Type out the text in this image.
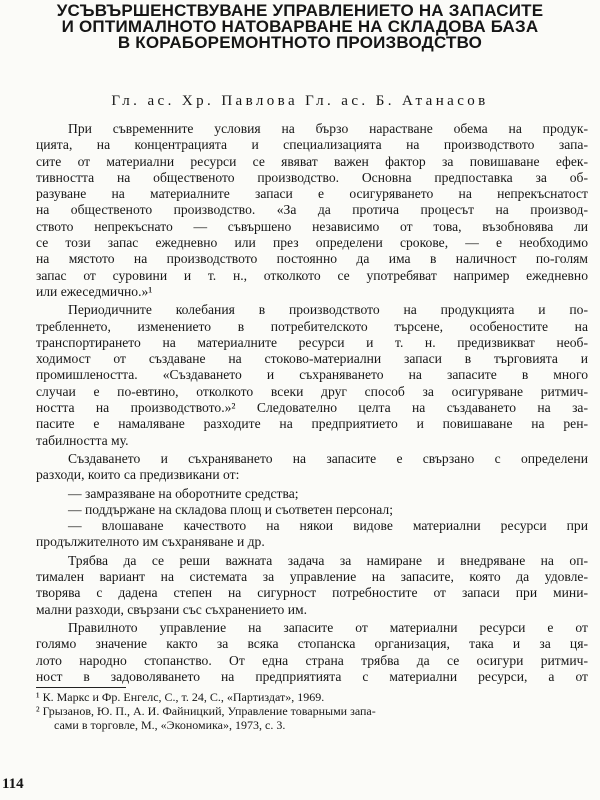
УСЪВЪРШЕНСТВУВАНЕ УПРАВЛЕНИЕТО НА ЗАПАСИТЕ
И ОПТИМАЛНОТО НАТОВАРВАНЕ НА СКЛАДОВА БАЗА
В КОРАБОРЕМОНТНОТО ПРОИЗВОДСТВО
Гл. ас. Хр. Павлова Гл. ас. Б. Атанасов
При съвременните условия на бързо нарастване обема на продук-
цията, на концентрацията и специализацията на производството запа-
сите от материални ресурси се явяват важен фактор за повишаване ефек-
тивността на общественото производство. Основна предпоставка за об-
разуване на материалните запаси е осигуряването на непрекъснатост
на общественото производство. «За да протича процесът на производ-
ството непрекъснато — съвършено независимо от това, възобновява ли
се този запас ежедневно или през определени срокове, — е необходимо
на мястото на производството постоянно да има в наличност по-голям
запас от суровини и т. н., отколкото се употребяват например ежедневно
или ежеседмично.»¹
Периодичните колебания в производството на продукцията и по-
требленнето, изменението в потребителското търсене, особеностите на
транспортирането на материалните ресурси и т. н. предизвикват необ-
ходимост от създаване на стоково-материални запаси в търговията и
промишлеността. «Създаването и съхраняването на запасите в много
случаи е по-евтино, отколкото всеки друг способ за осигуряване ритмич-
ността на производството.»² Следователно целта на създаването на за-
пасите е намаляване разходите на предприятието и повишаване на рен-
табилността му.
Създаването и съхраняването на запасите е свързано с определени
разходи, които са предизвикани от:
— замразяване на оборотните средства;
— поддържане на складова площ и съответен персонал;
— влошаване качеството на някои видове материални ресурси при
продължителното им съхраняване и др.
Трябва да се реши важната задача за намиране и внедряване на оп-
тимален вариант на системата за управление на запасите, която да удовле-
творява с дадена степен на сигурност потребностите от запаси при мини-
мални разходи, свързани със съхранението им.
Правилното управление на запасите от материални ресурси е от
голямо значение както за всяка стопанска организация, така и за ця-
лото народно стопанство. От една страна трябва да се осигури ритмич-
ност в задоволяването на предприятията с материални ресурси, а от
¹ К. Маркс и Фр. Енгелс, С., т. 24, С., «Партиздат», 1969.
² Грызанов, Ю. П., А. И. Файницкий, Управление товарными запа-
сами в торговле, М., «Экономика», 1973, с. 3.
114
